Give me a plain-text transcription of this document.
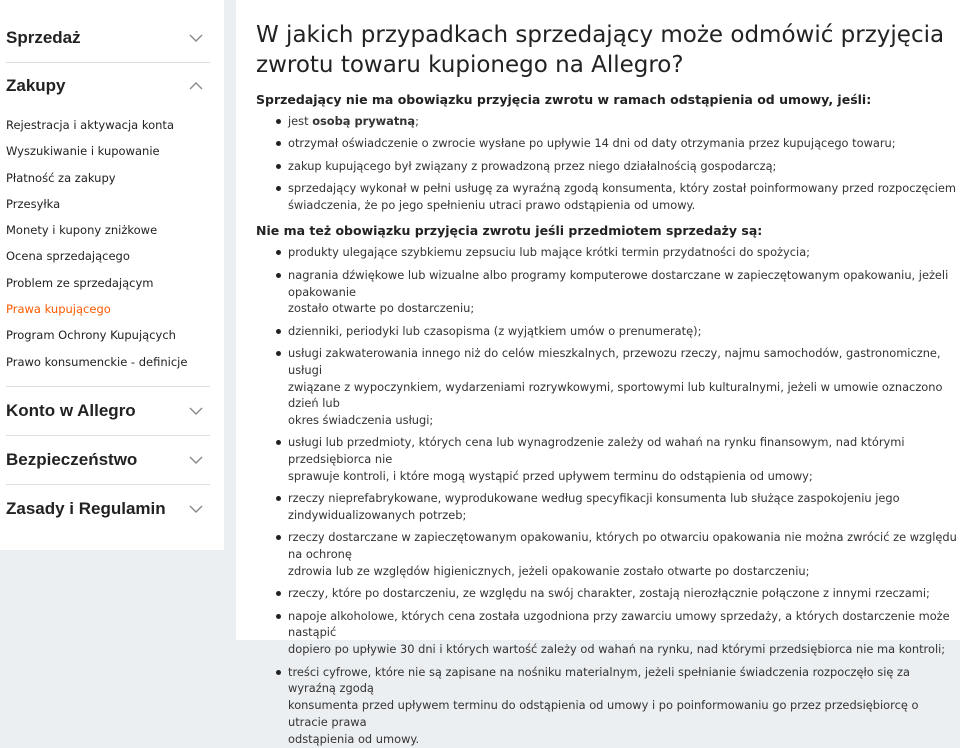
Sprzedaż
Zakupy
Rejestracja i aktywacja konta
Wyszukiwanie i kupowanie
Płatność za zakupy
Przesyłka
Monety i kupony zniżkowe
Ocena sprzedającego
Problem ze sprzedającym
Prawa kupującego
Program Ochrony Kupujących
Prawo konsumenckie - definicje
Konto w Allegro
Bezpieczeństwo
Zasady i Regulamin
W jakich przypadkach sprzedający może odmówić przyjęcia zwrotu towaru kupionego na Allegro?

Sprzedający nie ma obowiązku przyjęcia zwrotu w ramach odstąpienia od umowy, jeśli:

jest osobą prywatną;
otrzymał oświadczenie o zwrocie wysłane po upływie 14 dni od daty otrzymania przez kupującego towaru;
zakup kupującego był związany z prowadzoną przez niego działalnością gospodarczą;
sprzedający wykonał w pełni usługę za wyraźną zgodą konsumenta, który został poinformowany przed rozpoczęciem
świadczenia, że po jego spełnieniu utraci prawo odstąpienia od umowy.

Nie ma też obowiązku przyjęcia zwrotu jeśli przedmiotem sprzedaży są:

produkty ulegające szybkiemu zepsuciu lub mające krótki termin przydatności do spożycia;
nagrania dźwiękowe lub wizualne albo programy komputerowe dostarczane w zapieczętowanym opakowaniu, jeżeli opakowanie
zostało otwarte po dostarczeniu;
dzienniki, periodyki lub czasopisma (z wyjątkiem umów o prenumeratę);
usługi zakwaterowania innego niż do celów mieszkalnych, przewozu rzeczy, najmu samochodów, gastronomiczne, usługi
związane z wypoczynkiem, wydarzeniami rozrywkowymi, sportowymi lub kulturalnymi, jeżeli w umowie oznaczono dzień lub
okres świadczenia usługi;
usługi lub przedmioty, których cena lub wynagrodzenie zależy od wahań na rynku finansowym, nad którymi przedsiębiorca nie
sprawuje kontroli, i które mogą wystąpić przed upływem terminu do odstąpienia od umowy;
rzeczy nieprefabrykowane, wyprodukowane według specyfikacji konsumenta lub służące zaspokojeniu jego
zindywidualizowanych potrzeb;
rzeczy dostarczane w zapieczętowanym opakowaniu, których po otwarciu opakowania nie można zwrócić ze względu na ochronę
zdrowia lub ze względów higienicznych, jeżeli opakowanie zostało otwarte po dostarczeniu;
rzeczy, które po dostarczeniu, ze względu na swój charakter, zostają nierozłącznie połączone z innymi rzeczami;
napoje alkoholowe, których cena została uzgodniona przy zawarciu umowy sprzedaży, a których dostarczenie może nastąpić
dopiero po upływie 30 dni i których wartość zależy od wahań na rynku, nad którymi przedsiębiorca nie ma kontroli;
treści cyfrowe, które nie są zapisane na nośniku materialnym, jeżeli spełnianie świadczenia rozpoczęło się za wyraźną zgodą
konsumenta przed upływem terminu do odstąpienia od umowy i po poinformowaniu go przez przedsiębiorcę o utracie prawa
odstąpienia od umowy.
